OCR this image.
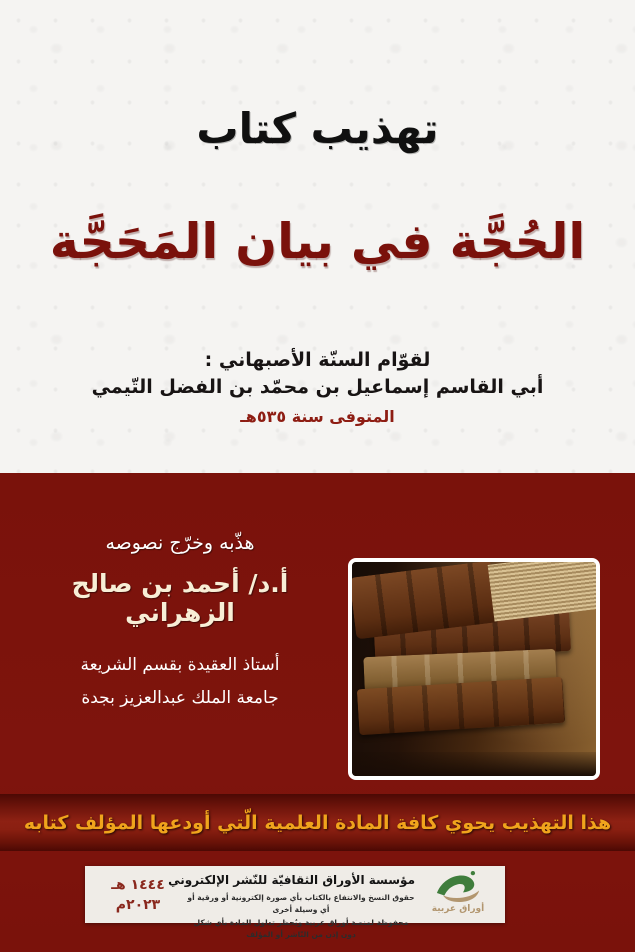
تهذيب كتاب
الحُجَّة في بيان المَحَجَّة
لقوّام السنّة الأصبهاني :
أبي القاسم إسماعيل بن محمّد بن الفضل التّيمي
المتوفى سنة ٥٣٥هـ
هذّبه وخرّج نصوصه
أ.د/ أحمد بن صالح الزهراني
أستاذ العقيدة بقسم الشريعة
جامعة الملك عبدالعزيز بجدة
هذا التهذيب يحوي كافة المادة العلمية الّتي أودعها المؤلف كتابه
١٤٤٤ هـ
٢٠٢٣م
مؤسسة الأوراق الثقافيّة للنّشر الإلكتروني
حقوق النسخ والانتفاع بالكتاب بأي صورة إلكترونية أو ورقية أو أي وسيلة أخرى
محفوظة لمنصة أوراق عربية ويُحظر تداول المادة بأي شكل دون إذن من النّاشر أو المؤلف
أوراق عربية
